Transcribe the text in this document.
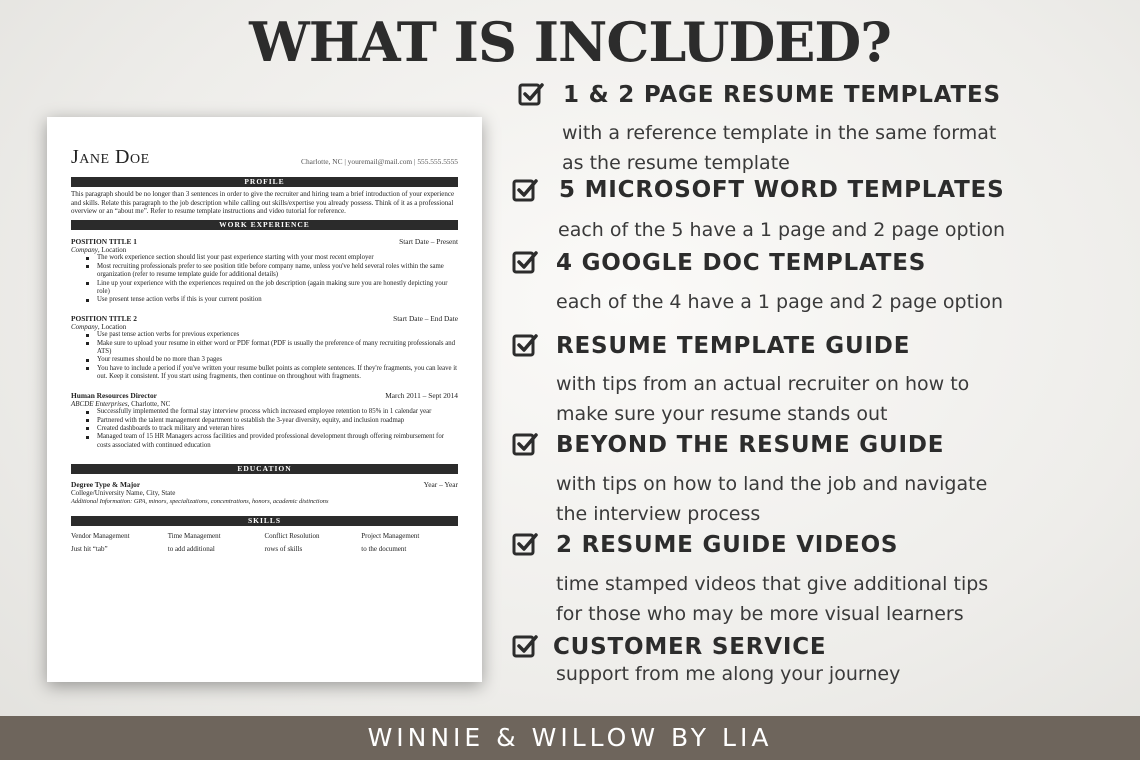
WHAT IS INCLUDED?
Jane Doe	Charlotte, NC | youremail@mail.com | 555.555.5555
PROFILE
This paragraph should be no longer than 3 sentences in order to give the recruiter and hiring team a brief introduction of your experience and skills. Relate this paragraph to the job description while calling out skills/expertise you already possess. Think of it as a professional overview or an “about me”. Refer to resume template instructions and video tutorial for reference.
WORK EXPERIENCE
POSITION TITLE 1	Start Date – Present
Company, Location
The work experience section should list your past experience starting with your most recent employer
Most recruiting professionals prefer to see position title before company name, unless you've held several roles within the same organization (refer to resume template guide for additional details)
Line up your experience with the experiences required on the job description (again making sure you are honestly depicting your role)
Use present tense action verbs if this is your current position
POSITION TITLE 2	Start Date – End Date
Company, Location
Use past tense action verbs for previous experiences
Make sure to upload your resume in either word or PDF format (PDF is usually the preference of many recruiting professionals and ATS)
Your resumes should be no more than 3 pages
You have to include a period if you've written your resume bullet points as complete sentences. If they're fragments, you can leave it out. Keep it consistent. If you start using fragments, then continue on throughout with fragments.
Human Resources Director	March 2011 – Sept 2014
ABCDE Enterprises, Charlotte, NC
Successfully implemented the formal stay interview process which increased employee retention to 85% in 1 calendar year
Partnered with the talent management department to establish the 3-year diversity, equity, and inclusion roadmap
Created dashboards to track military and veteran hires
Managed team of 15 HR Managers across facilities and provided professional development through offering reimbursement for costs associated with continued education
EDUCATION
Degree Type & Major	Year – Year
College/University Name, City, State
Additional Information: GPA, minors, specializations, concentrations, honors, academic distinctions
SKILLS
Vendor Management	Time Management	Conflict Resolution	Project Management
Just hit “tab”	to add additional	rows of skills	to the document
1 & 2 PAGE RESUME TEMPLATES
with a reference template in the same format
as the resume template
5 MICROSOFT WORD TEMPLATES
each of the 5 have a 1 page and 2 page option
4 GOOGLE DOC TEMPLATES
each of the 4 have a 1 page and 2 page option
RESUME TEMPLATE GUIDE
with tips from an actual recruiter on how to
make sure your resume stands out
BEYOND THE RESUME GUIDE
with tips on how to land the job and navigate
the interview process
2 RESUME GUIDE VIDEOS
time stamped videos that give additional tips
for those who may be more visual learners
CUSTOMER SERVICE
support from me along your journey
WINNIE & WILLOW BY LIA
